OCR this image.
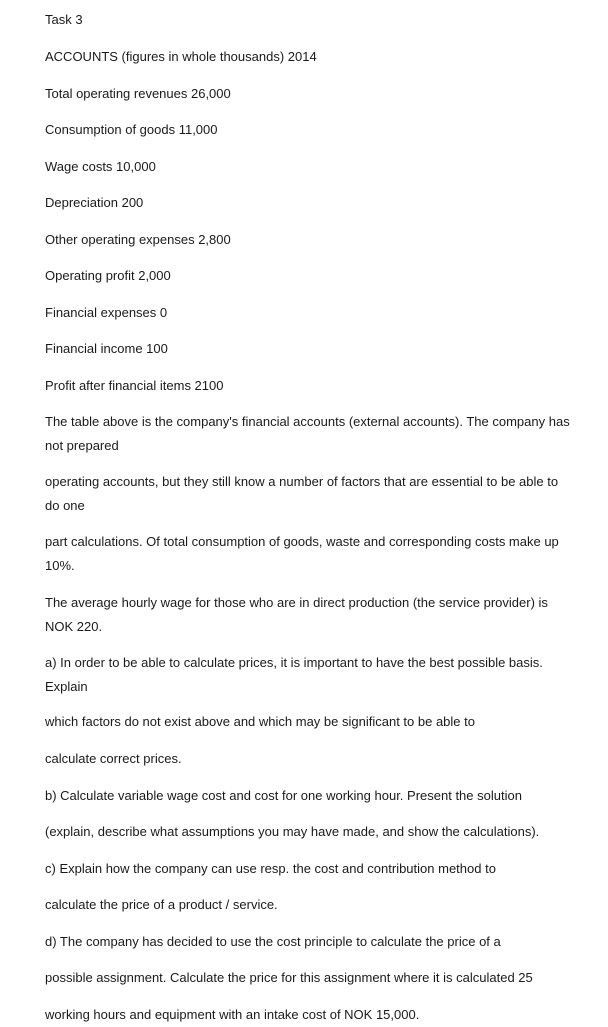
Task 3

ACCOUNTS (figures in whole thousands) 2014

Total operating revenues 26,000

Consumption of goods 11,000

Wage costs 10,000

Depreciation 200

Other operating expenses 2,800

Operating profit 2,000

Financial expenses 0

Financial income 100

Profit after financial items 2100

The table above is the company's financial accounts (external accounts). The company has not prepared

operating accounts, but they still know a number of factors that are essential to be able to do one

part calculations. Of total consumption of goods, waste and corresponding costs make up 10%.

The average hourly wage for those who are in direct production (the service provider) is NOK 220.

a) In order to be able to calculate prices, it is important to have the best possible basis. Explain

which factors do not exist above and which may be significant to be able to

calculate correct prices.

b) Calculate variable wage cost and cost for one working hour. Present the solution

(explain, describe what assumptions you may have made, and show the calculations).

c) Explain how the company can use resp. the cost and contribution method to

calculate the price of a product / service.

d) The company has decided to use the cost principle to calculate the price of a

possible assignment. Calculate the price for this assignment where it is calculated 25

working hours and equipment with an intake cost of NOK 15,000.
